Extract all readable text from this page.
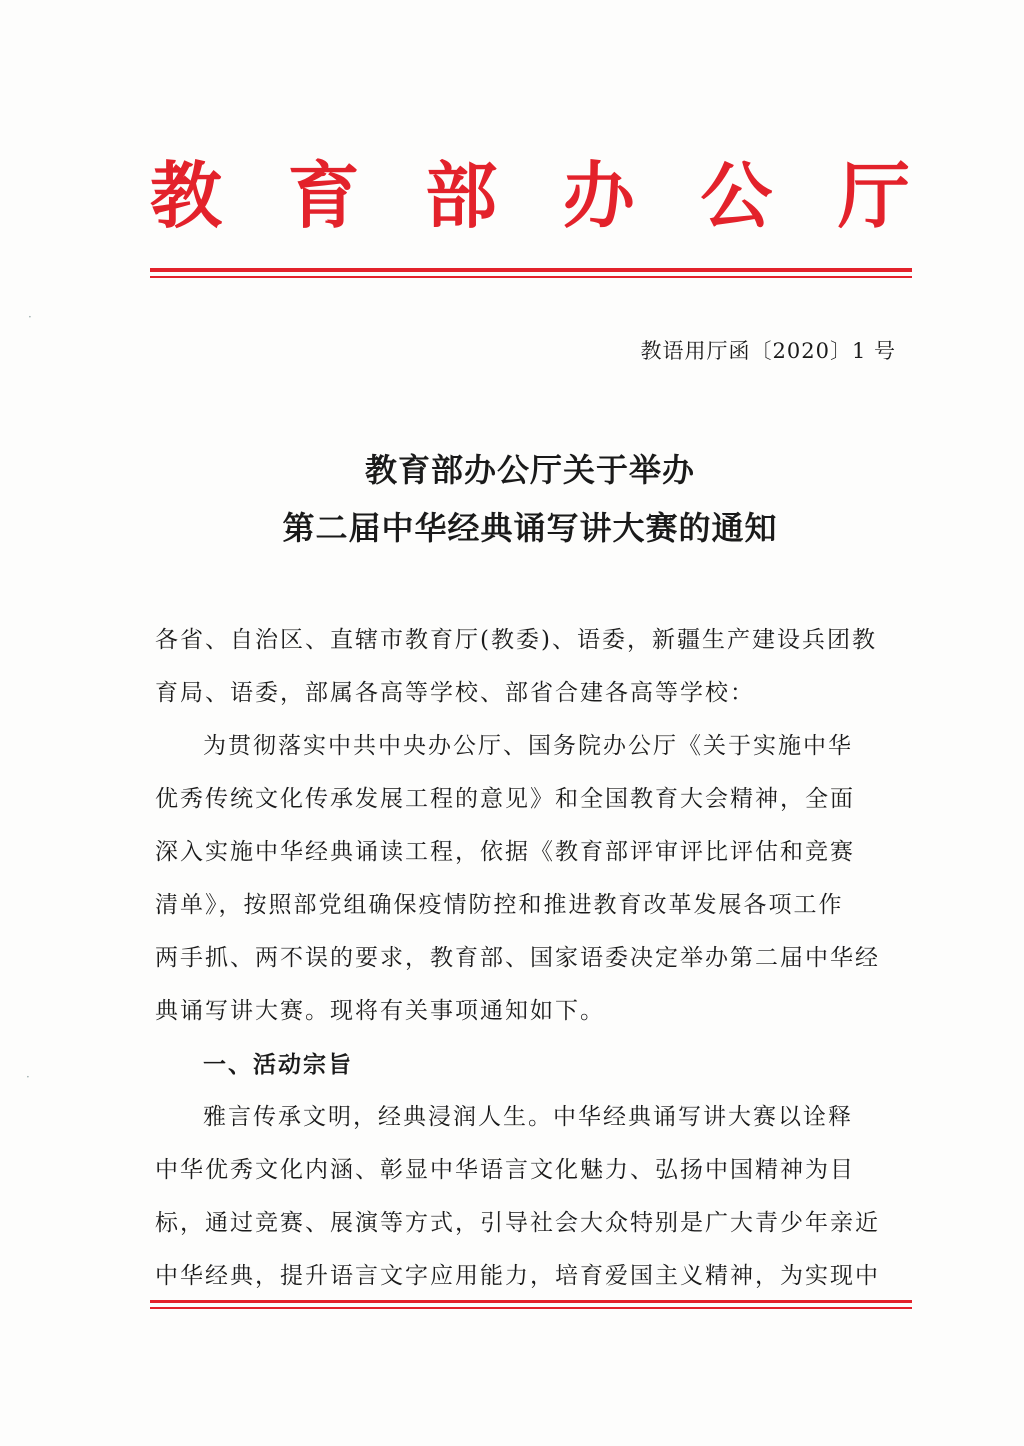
教 育 部 办 公 厅
教语用厅函〔2020〕1 号
教育部办公厅关于举办
第二届中华经典诵写讲大赛的通知
各省、自治区、直辖市教育厅(教委)、语委，新疆生产建设兵团教
育局、语委，部属各高等学校、部省合建各高等学校：
为贯彻落实中共中央办公厅、国务院办公厅《关于实施中华
优秀传统文化传承发展工程的意见》和全国教育大会精神，全面
深入实施中华经典诵读工程，依据《教育部评审评比评估和竞赛
清单》，按照部党组确保疫情防控和推进教育改革发展各项工作
两手抓、两不误的要求，教育部、国家语委决定举办第二届中华经
典诵写讲大赛。现将有关事项通知如下。
一、活动宗旨
雅言传承文明，经典浸润人生。中华经典诵写讲大赛以诠释
中华优秀文化内涵、彰显中华语言文化魅力、弘扬中国精神为目
标，通过竞赛、展演等方式，引导社会大众特别是广大青少年亲近
中华经典，提升语言文字应用能力，培育爱国主义精神，为实现中
·
·
